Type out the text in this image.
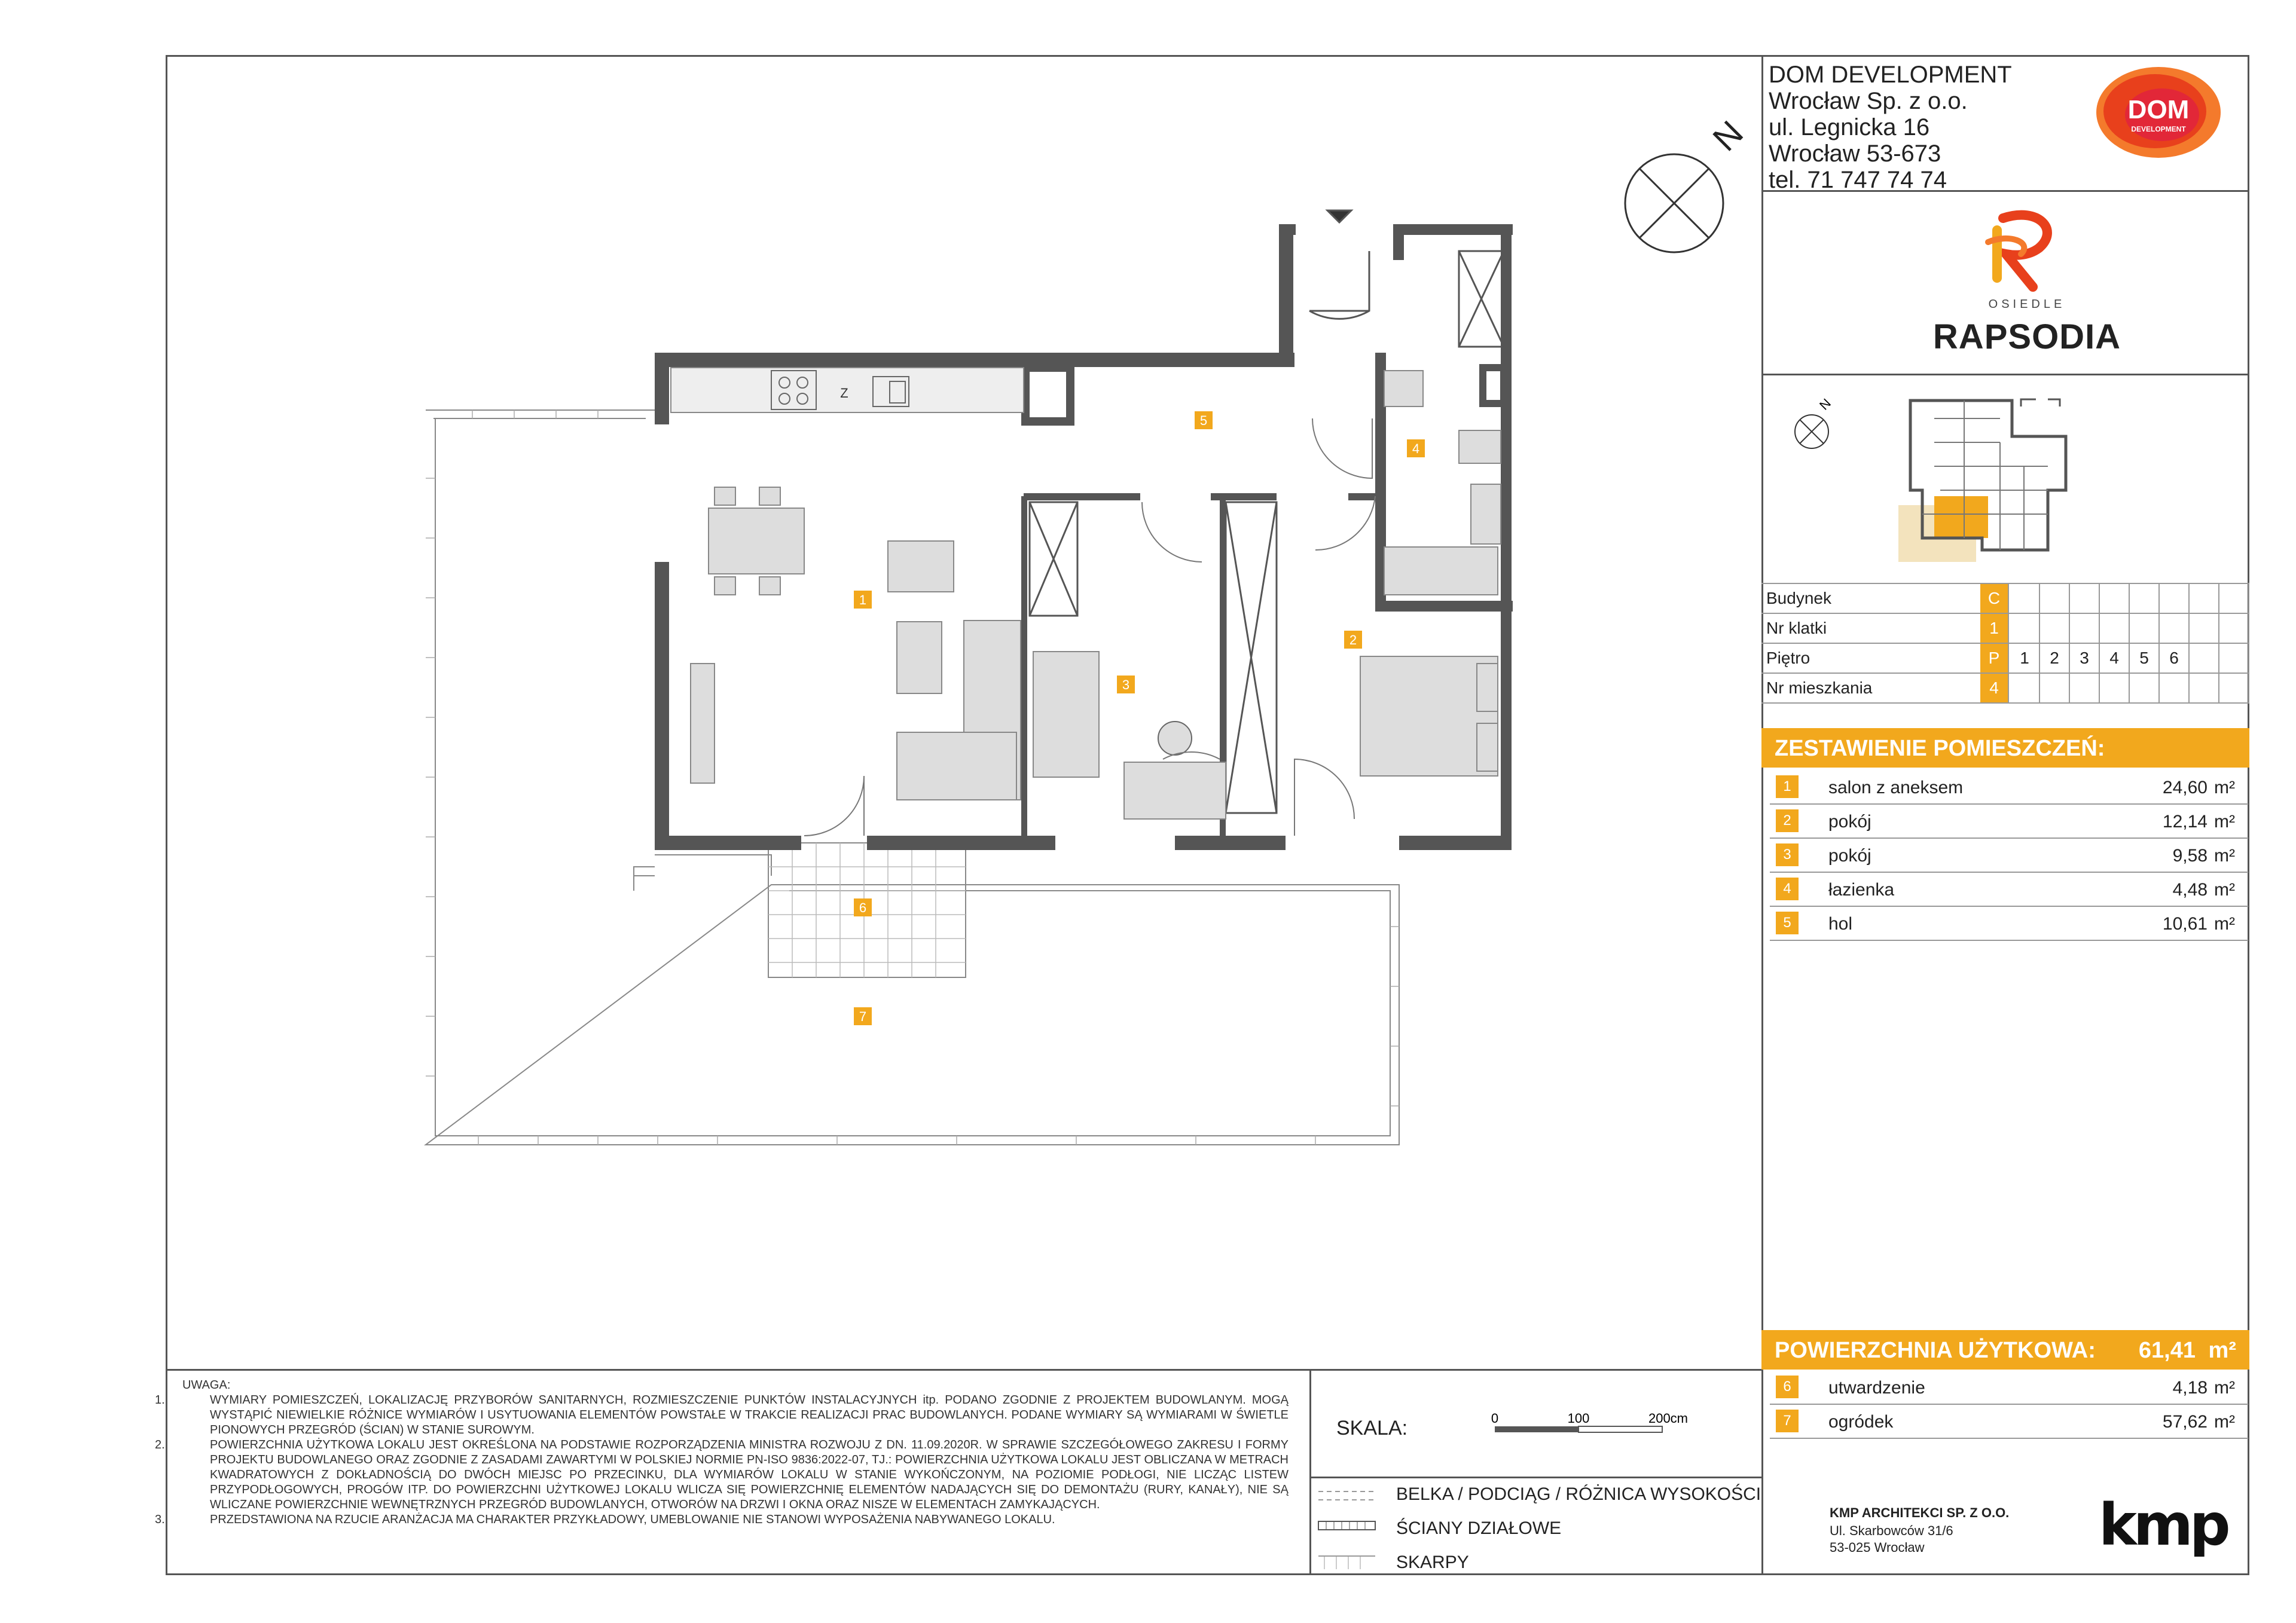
DOM DEVELOPMENT
Wrocław Sp. z o.o.
ul. Legnicka 16
Wrocław 53-673
tel. 71 747 74 74
DOM
DEVELOPMENT
OSIEDLE
RAPSODIA
N
N
Budynek	C
Nr klatki	1
Piętro	P	1	2	3	4	5	6
Nr mieszkania	4
ZESTAWIENIE POMIESZCZEŃ:
1	salon z aneksem	24,60 m²
2	pokój	12,14 m²
3	pokój	9,58 m²
4	łazienka	4,48 m²
5	hol	10,61 m²
POWIERZCHNIA UŻYTKOWA: 61,41 m²
6	utwardzenie	4,18 m²
7	ogródek	57,62 m²
UWAGA:

1.	WYMIARY POMIESZCZEŃ, LOKALIZACJĘ PRZYBORÓW SANITARNYCH, ROZMIESZCZENIE PUNKTÓW INSTALACYJNYCH itp. PODANO ZGODNIE Z PROJEKTEM BUDOWLANYM. MOGĄ WYSTĄPIĆ NIEWIELKIE RÓŻNICE WYMIARÓW I USYTUOWANIA ELEMENTÓW POWSTAŁE W TRAKCIE REALIZACJI PRAC BUDOWLANYCH. PODANE WYMIARY SĄ WYMIARAMI W ŚWIETLE PIONOWYCH PRZEGRÓD (ŚCIAN) W STANIE SUROWYM.

2.	POWIERZCHNIA UŻYTKOWA LOKALU JEST OKREŚLONA NA PODSTAWIE ROZPORZĄDZENIA MINISTRA ROZWOJU Z DN. 11.09.2020R. W SPRAWIE SZCZEGÓŁOWEGO ZAKRESU I FORMY PROJEKTU BUDOWLANEGO ORAZ ZGODNIE Z ZASADAMI ZAWARTYMI W POLSKIEJ NORMIE PN-ISO 9836:2022-07, TJ.: POWIERZCHNIA UŻYTKOWA LOKALU JEST OBLICZANA W METRACH KWADRATOWYCH Z DOKŁADNOŚCIĄ DO DWÓCH MIEJSC PO PRZECINKU, DLA WYMIARÓW LOKALU W STANIE WYKOŃCZONYM, NA POZIOMIE PODŁOGI, NIE LICZĄC LISTEW PRZYPODŁOGOWYCH, PROGÓW ITP. DO POWIERZCHNI UŻYTKOWEJ LOKALU WLICZA SIĘ POWIERZCHNIĘ ELEMENTÓW NADAJĄCYCH SIĘ DO DEMONTAŻU (RURY, KANAŁY), NIE SĄ WLICZANE POWIERZCHNIE WEWNĘTRZNYCH PRZEGRÓD BUDOWLANYCH, OTWORÓW NA DRZWI I OKNA ORAZ NISZE W ELEMENTACH ZAMYKAJĄCYCH.

3.	PRZEDSTAWIONA NA RZUCIE ARANŻACJA MA CHARAKTER PRZYKŁADOWY, UMEBLOWANIE NIE STANOWI WYPOSAŻENIA NABYWANEGO LOKALU.

SKALA:	0	100	200cm
BELKA / PODCIĄG / RÓŻNICA WYSOKOŚCI
ŚCIANY DZIAŁOWE
SKARPY
KMP ARCHITEKCI SP. Z O.O.
Ul. Skarbowców 31/6
53-025 Wrocław	kmp
Z
1
2
3
4
5
6
7
